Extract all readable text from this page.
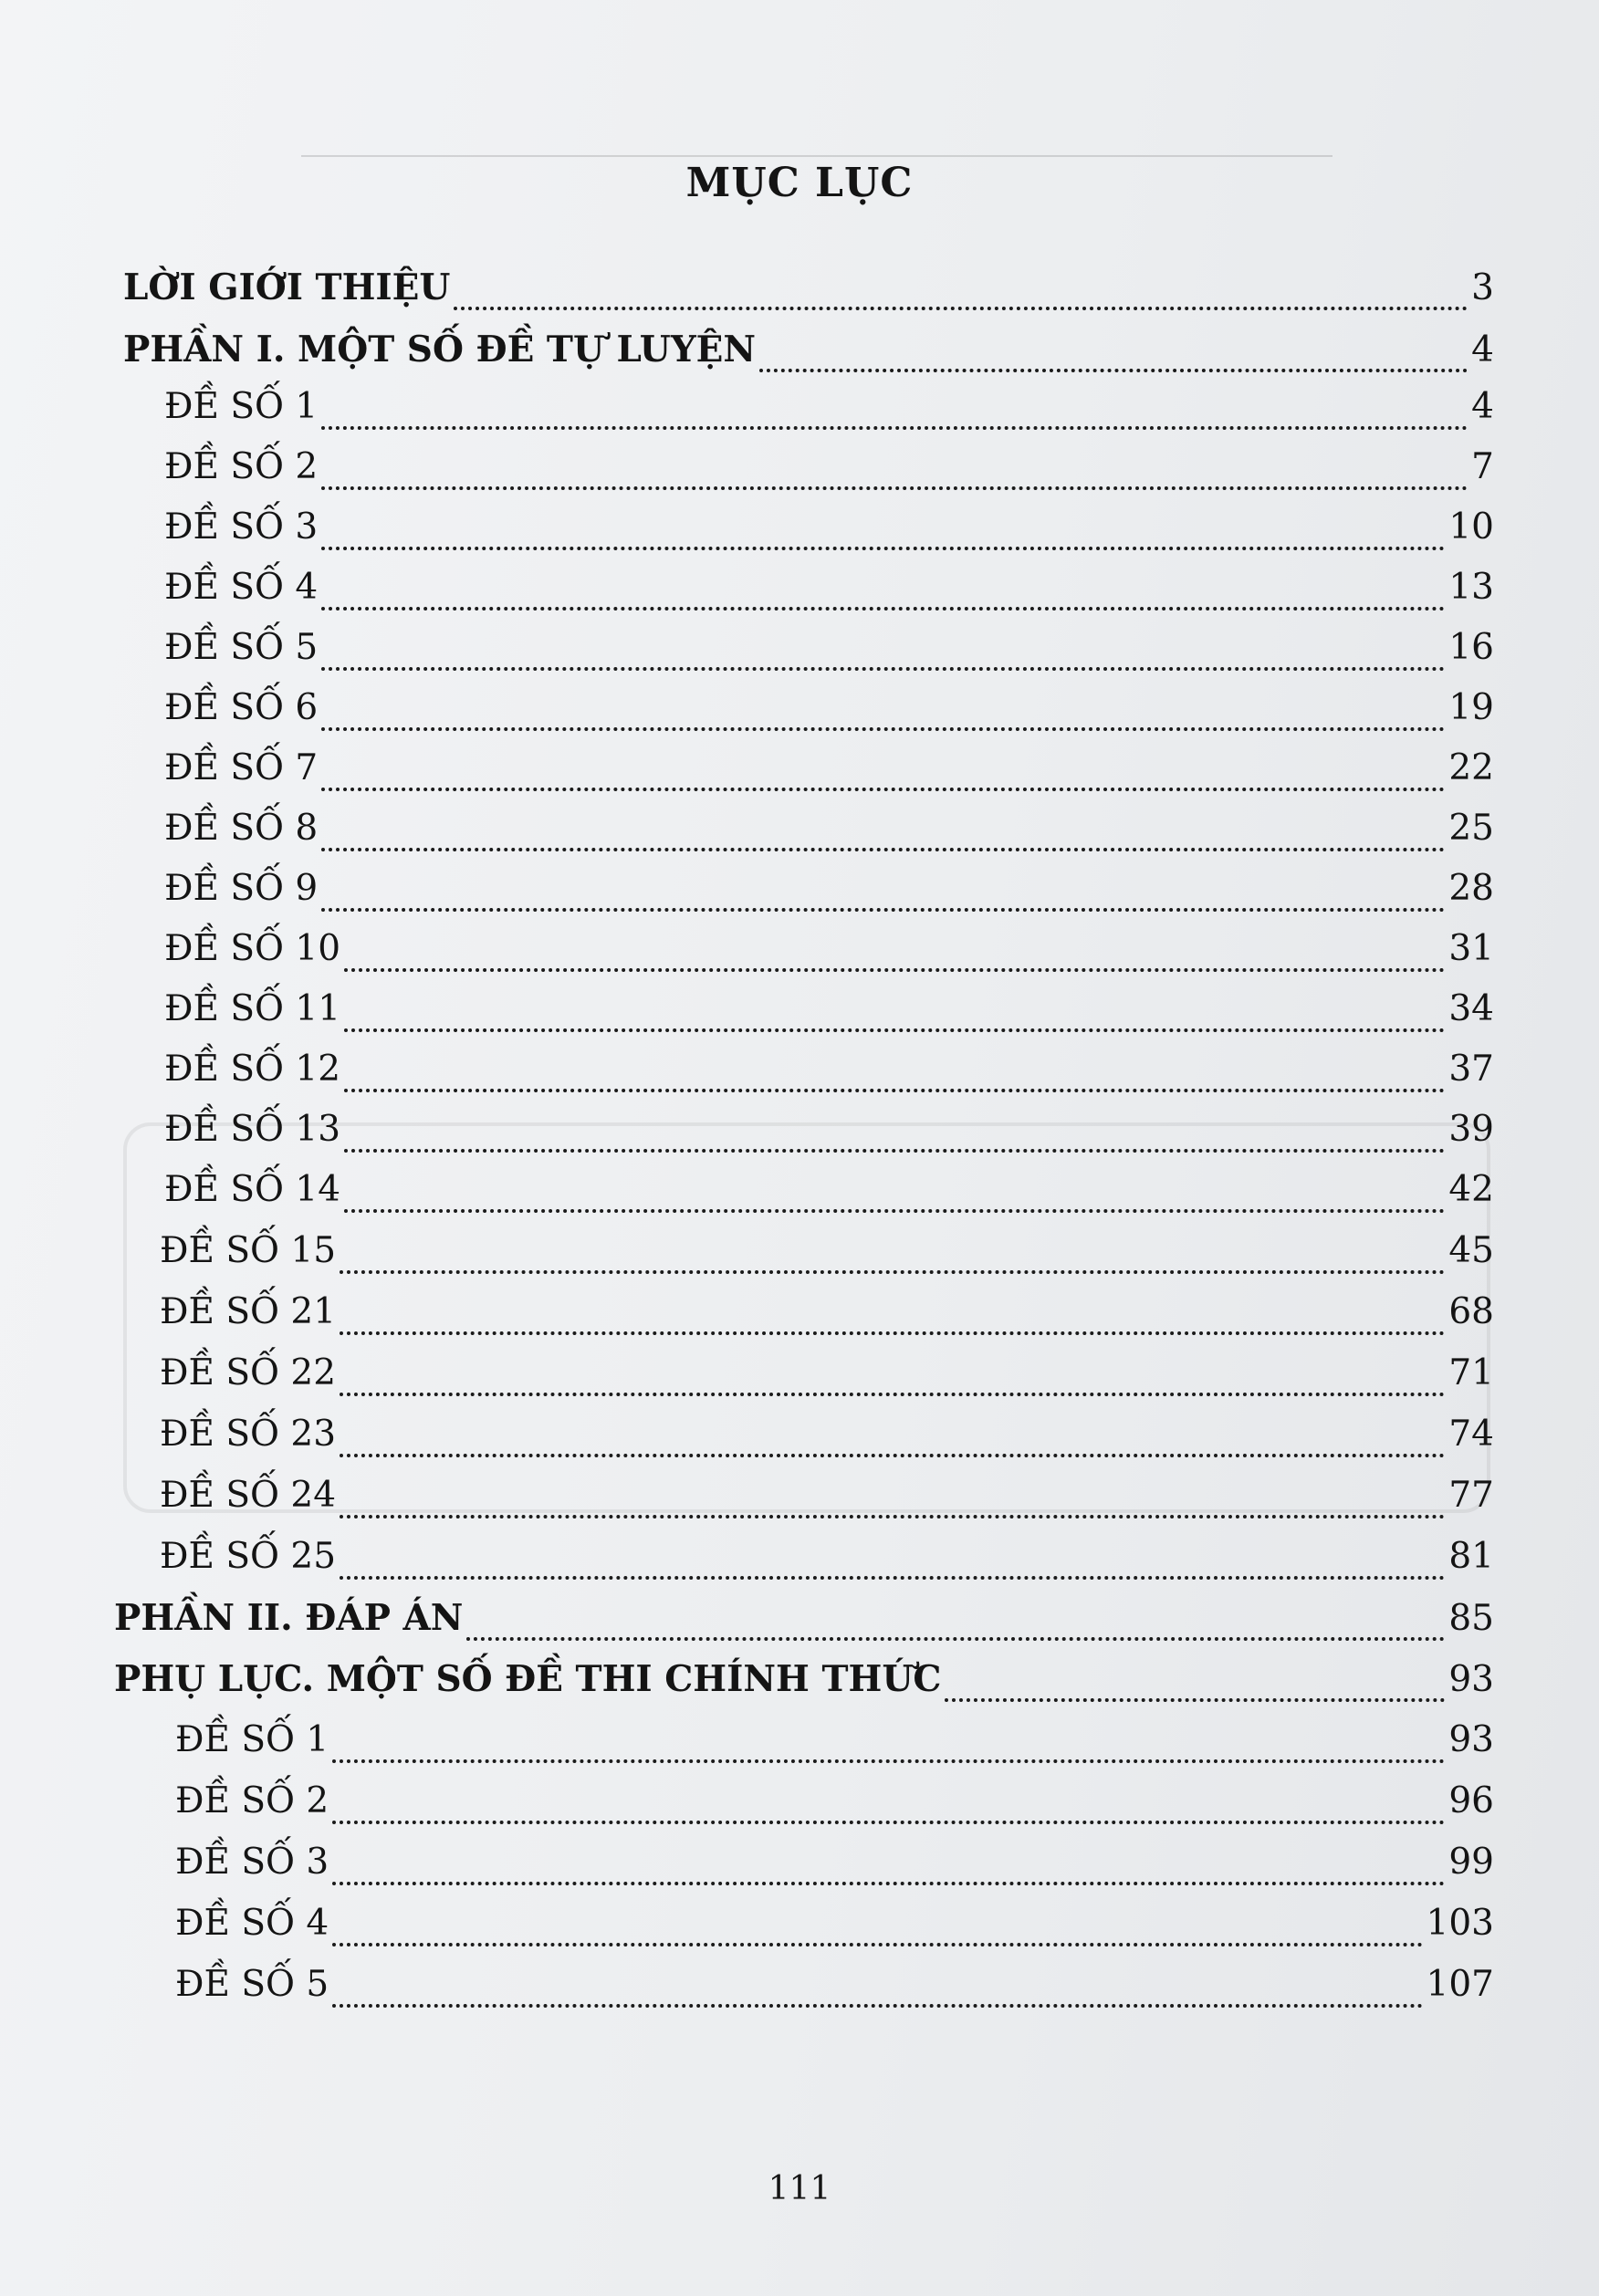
MỤC LỤC
LỜI GIỚI THIỆU	3
PHẦN I. MỘT SỐ ĐỀ TỰ LUYỆN	4
ĐỀ SỐ 1	4
ĐỀ SỐ 2	7
ĐỀ SỐ 3	10
ĐỀ SỐ 4	13
ĐỀ SỐ 5	16
ĐỀ SỐ 6	19
ĐỀ SỐ 7	22
ĐỀ SỐ 8	25
ĐỀ SỐ 9	28
ĐỀ SỐ 10	31
ĐỀ SỐ 11	34
ĐỀ SỐ 12	37
ĐỀ SỐ 13	39
ĐỀ SỐ 14	42
ĐỀ SỐ 15	45
ĐỀ SỐ 21	68
ĐỀ SỐ 22	71
ĐỀ SỐ 23	74
ĐỀ SỐ 24	77
ĐỀ SỐ 25	81
PHẦN II. ĐÁP ÁN	85
PHỤ LỤC. MỘT SỐ ĐỀ THI CHÍNH THỨC	93
ĐỀ SỐ 1	93
ĐỀ SỐ 2	96
ĐỀ SỐ 3	99
ĐỀ SỐ 4	103
ĐỀ SỐ 5	107
111
